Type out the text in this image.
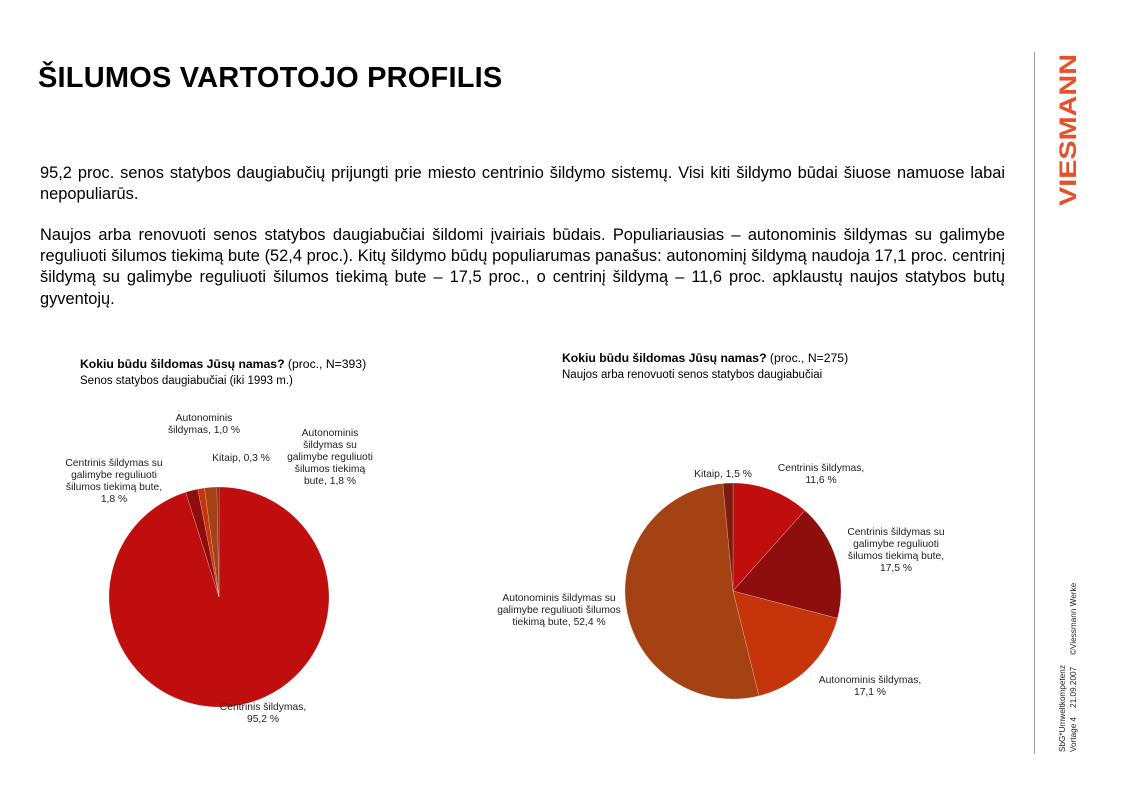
ŠILUMOS VARTOTOJO PROFILIS
95,2 proc. senos statybos daugiabučių prijungti prie miesto centrinio šildymo sistemų. Visi kiti šildymo būdai šiuose namuose labai nepopuliarūs.
Naujos arba renovuoti senos statybos daugiabučiai šildomi įvairiais būdais. Populiariausias – autonominis šildymas su galimybe reguliuoti šilumos tiekimą bute (52,4 proc.). Kitų šildymo būdų populiarumas panašus: autonominį šildymą naudoja 17,1 proc. centrinį šildymą su galimybe reguliuoti šilumos tiekimą bute – 17,5 proc., o centrinį šildymą – 11,6 proc. apklaustų naujos statybos butų gyventojų.
VIESMANN
SbG*Umweltkompetenz Vortage 4    21.09.2007
©Viessmann Werke
Kokiu būdu šildomas Jūsų namas? (proc., N=393)
Senos statybos daugiabučiai (iki 1993 m.)
Centrinis šildymas, 95,2 %
Centrinis šildymas su galimybe reguliuoti šilumos tiekimą bute, 1,8 %
Autonominis šildymas, 1,0 %	Autonominis šildymas su galimybe reguliuoti šilumos tiekimą bute, 1,8 %
Kitaip, 0,3 %
Kokiu būdu šildomas Jūsų namas? (proc., N=275)
Naujos arba renovuoti senos statybos daugiabučiai
Centrinis šildymas, 11,6 %
Centrinis šildymas su galimybe reguliuoti šilumos tiekimą bute, 17,5 %
Autonominis šildymas, 17,1 %
Autonominis šildymas su galimybe reguliuoti šilumos tiekimą bute, 52,4 %
Kitaip, 1,5 %
